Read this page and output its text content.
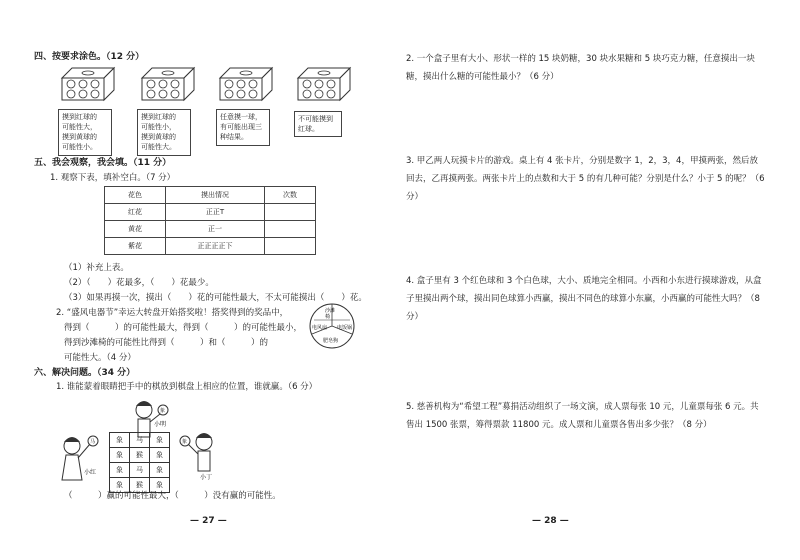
四、按要求涂色。（12 分）
摸到红球的
可能性大，
摸到黄球的
可能性小。
摸到红球的
可能性小，
摸到黄球的
可能性大。
任意摸一球，
有可能出现三
种结果。
不可能摸到
红球。
五、我会观察，我会填。（11 分）
1. 观察下表，填补空白。（7 分）
花色	摸出情况	次数
红花	正正T	
黄花	正一	
紫花	正正正正下	
（1）补充上表。
（2）（　　）花最多，（　　）花最少。
（3）如果再摸一次，摸出（　　）花的可能性最大，不太可能摸出（　　）花。
2. “盛风电器节”幸运大转盘开始搭奖啦！搭奖得到的奖品中，
得到（　　　）的可能性最大，得到（　　　）的可能性最小，
得到沙滩椅的可能性比得到（　　　）和（　　　）的
可能性大。（4 分）
沙滩椅
电风扇 电饭锅
肥皂狗
六、解决问题。（34 分）
1. 谁能蒙着眼睛把手中的棋放到棋盘上相应的位置，谁就赢。（6 分）
小明
象
马
小红
象
小丁
象	马	象
象	猴	象
象	马	象
象	猴	象
（　　　）赢的可能性最大，（　　　）没有赢的可能性。
2. 一个盒子里有大小、形状一样的 15 块奶糖，30 块水果糖和 5 块巧克力糖，任意摸出一块糖，摸出什么糖的可能性最小？（6 分）
3. 甲乙两人玩摸卡片的游戏。桌上有 4 张卡片，分别是数字 1，2，3，4，甲摸两张，然后放回去，乙再摸两张。两张卡片上的点数和大于 5 的有几种可能？分别是什么？小于 5 的呢？（6 分）
4. 盒子里有 3 个红色球和 3 个白色球，大小、质地完全相同。小西和小东进行摸球游戏，从盒子里摸出两个球，摸出同色球算小西赢，摸出不同色的球算小东赢，小西赢的可能性大吗？（8 分）
5. 慈善机构为“希望工程”募捐活动组织了一场文演，成人票每张 10 元，儿童票每张 6 元。共售出 1500 张票，筹得票款 11800 元。成人票和儿童票各售出多少张？（8 分）
— 27 —	— 28 —
